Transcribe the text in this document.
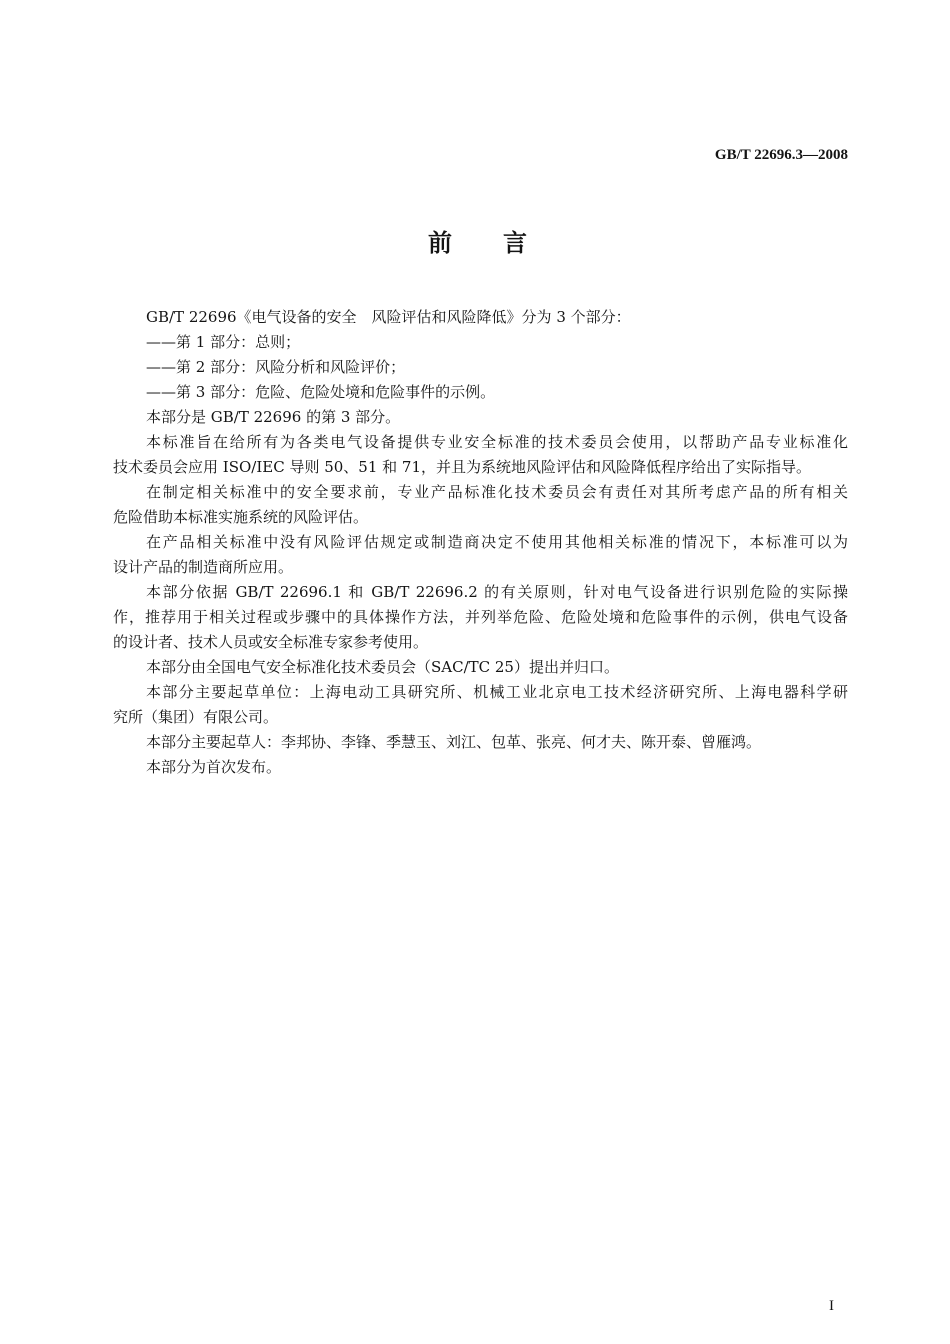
GB/T 22696.3—2008
前言
GB/T 22696《电气设备的安全　风险评估和风险降低》分为 3 个部分：
——第 1 部分：总则；
——第 2 部分：风险分析和风险评价；
——第 3 部分：危险、危险处境和危险事件的示例。
本部分是 GB/T 22696 的第 3 部分。
本标准旨在给所有为各类电气设备提供专业安全标准的技术委员会使用，以帮助产品专业标准化
技术委员会应用 ISO/IEC 导则 50、51 和 71，并且为系统地风险评估和风险降低程序给出了实际指导。
在制定相关标准中的安全要求前，专业产品标准化技术委员会有责任对其所考虑产品的所有相关
危险借助本标准实施系统的风险评估。
在产品相关标准中没有风险评估规定或制造商决定不使用其他相关标准的情况下，本标准可以为
设计产品的制造商所应用。
本部分依据 GB/T 22696.1 和 GB/T 22696.2 的有关原则，针对电气设备进行识别危险的实际操
作，推荐用于相关过程或步骤中的具体操作方法，并列举危险、危险处境和危险事件的示例，供电气设备
的设计者、技术人员或安全标准专家参考使用。
本部分由全国电气安全标准化技术委员会（SAC/TC 25）提出并归口。
本部分主要起草单位：上海电动工具研究所、机械工业北京电工技术经济研究所、上海电器科学研
究所（集团）有限公司。
本部分主要起草人：李邦协、李锋、季慧玉、刘江、包革、张亮、何才夫、陈开泰、曾雁鸿。
本部分为首次发布。
I
